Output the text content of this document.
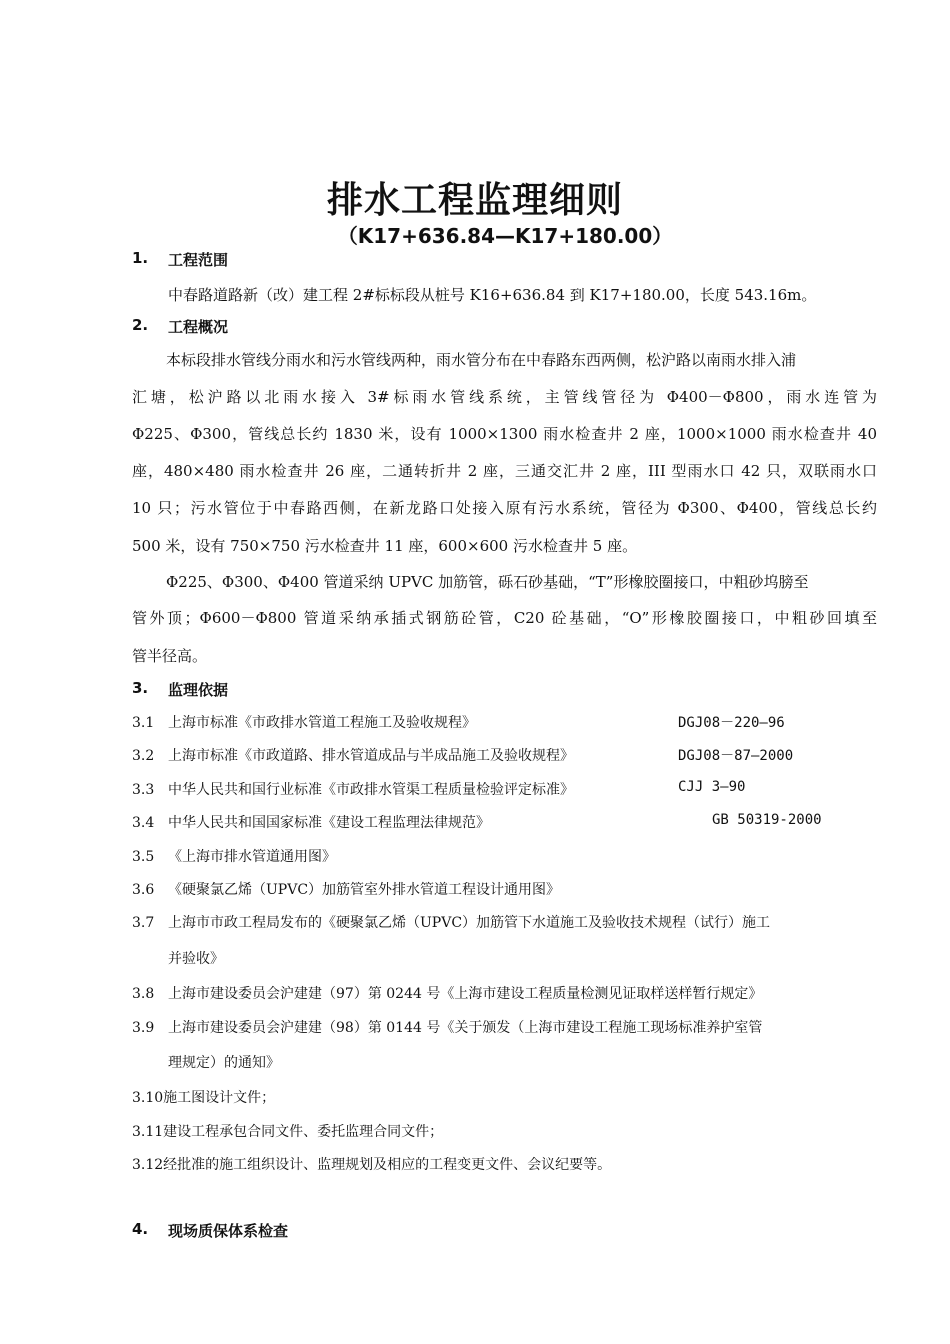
排水工程监理细则
（K17+636.84—K17+180.00）
1. 工程范围
中春路道路新（改）建工程 2#标标段从桩号 K16+636.84 到 K17+180.00，长度 543.16m。
2. 工程概况
本标段排水管线分雨水和污水管线两种，雨水管分布在中春路东西两侧，松沪路以南雨水排入浦
汇塘，松沪路以北雨水接入 3#标雨水管线系统，主管线管径为 Φ400－Φ800，雨水连管为
Φ225、Φ300，管线总长约 1830 米，设有 1000×1300 雨水检查井 2 座，1000×1000 雨水检查井 40
座，480×480 雨水检查井 26 座，二通转折井 2 座，三通交汇井 2 座，III 型雨水口 42 只，双联雨水口
10 只；污水管位于中春路西侧，在新龙路口处接入原有污水系统，管径为 Φ300、Φ400，管线总长约
500 米，设有 750×750 污水检查井 11 座，600×600 污水检查井 5 座。
Φ225、Φ300、Φ400 管道采纳 UPVC 加筋管，砾石砂基础，“T”形橡胶圈接口，中粗砂坞膀至
管外顶；Φ600－Φ800 管道采纳承插式钢筋砼管，C20 砼基础，“O”形橡胶圈接口，中粗砂回填至
管半径高。
3. 监理依据
3.1 上海市标准《市政排水管道工程施工及验收规程》	DGJ08－220—96
3.2 上海市标准《市政道路、排水管道成品与半成品施工及验收规程》	DGJ08－87—2000
3.3 中华人民共和国行业标准《市政排水管渠工程质量检验评定标准》	CJJ 3—90
3.4 中华人民共和国国家标准《建设工程监理法律规范》	GB 50319-2000
3.5 《上海市排水管道通用图》
3.6 《硬聚氯乙烯（UPVC）加筋管室外排水管道工程设计通用图》
3.7 上海市市政工程局发布的《硬聚氯乙烯（UPVC）加筋管下水道施工及验收技术规程（试行）施工
并验收》
3.8 上海市建设委员会沪建建（97）第 0244 号《上海市建设工程质量检测见证取样送样暂行规定》
3.9 上海市建设委员会沪建建（98）第 0144 号《关于颁发（上海市建设工程施工现场标准养护室管
理规定）的通知》
3.10施工图设计文件；
3.11建设工程承包合同文件、委托监理合同文件；
3.12经批准的施工组织设计、监理规划及相应的工程变更文件、会议纪要等。
4. 现场质保体系检查
